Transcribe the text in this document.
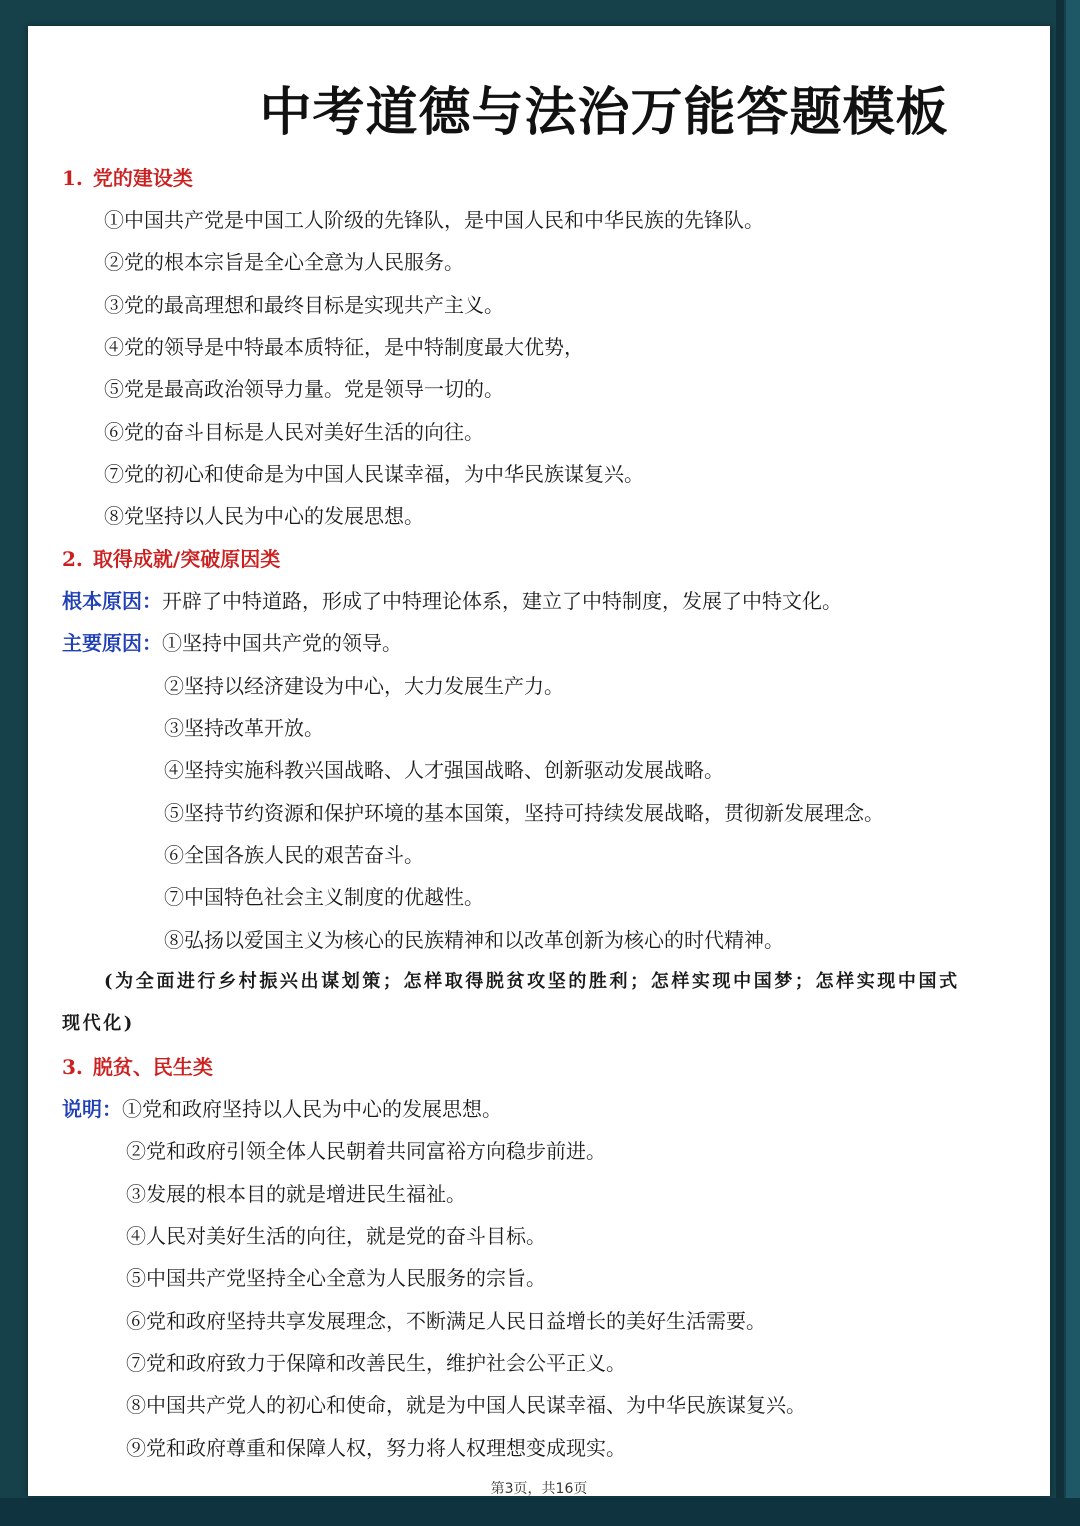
中考道德与法治万能答题模板
1. 党的建设类
①中国共产党是中国工人阶级的先锋队，是中国人民和中华民族的先锋队。
②党的根本宗旨是全心全意为人民服务。
③党的最高理想和最终目标是实现共产主义。
④党的领导是中特最本质特征，是中特制度最大优势，
⑤党是最高政治领导力量。党是领导一切的。
⑥党的奋斗目标是人民对美好生活的向往。
⑦党的初心和使命是为中国人民谋幸福，为中华民族谋复兴。
⑧党坚持以人民为中心的发展思想。
2. 取得成就/突破原因类
根本原因：开辟了中特道路，形成了中特理论体系，建立了中特制度，发展了中特文化。
主要原因：①坚持中国共产党的领导。
②坚持以经济建设为中心，大力发展生产力。
③坚持改革开放。
④坚持实施科教兴国战略、人才强国战略、创新驱动发展战略。
⑤坚持节约资源和保护环境的基本国策，坚持可持续发展战略，贯彻新发展理念。
⑥全国各族人民的艰苦奋斗。
⑦中国特色社会主义制度的优越性。
⑧弘扬以爱国主义为核心的民族精神和以改革创新为核心的时代精神。
(为全面进行乡村振兴出谋划策；怎样取得脱贫攻坚的胜利；怎样实现中国梦；怎样实现中国式
现代化)
3. 脱贫、民生类
说明：①党和政府坚持以人民为中心的发展思想。
②党和政府引领全体人民朝着共同富裕方向稳步前进。
③发展的根本目的就是增进民生福祉。
④人民对美好生活的向往，就是党的奋斗目标。
⑤中国共产党坚持全心全意为人民服务的宗旨。
⑥党和政府坚持共享发展理念，不断满足人民日益增长的美好生活需要。
⑦党和政府致力于保障和改善民生，维护社会公平正义。
⑧中国共产党人的初心和使命，就是为中国人民谋幸福、为中华民族谋复兴。
⑨党和政府尊重和保障人权，努力将人权理想变成现实。
第3页，共16页
